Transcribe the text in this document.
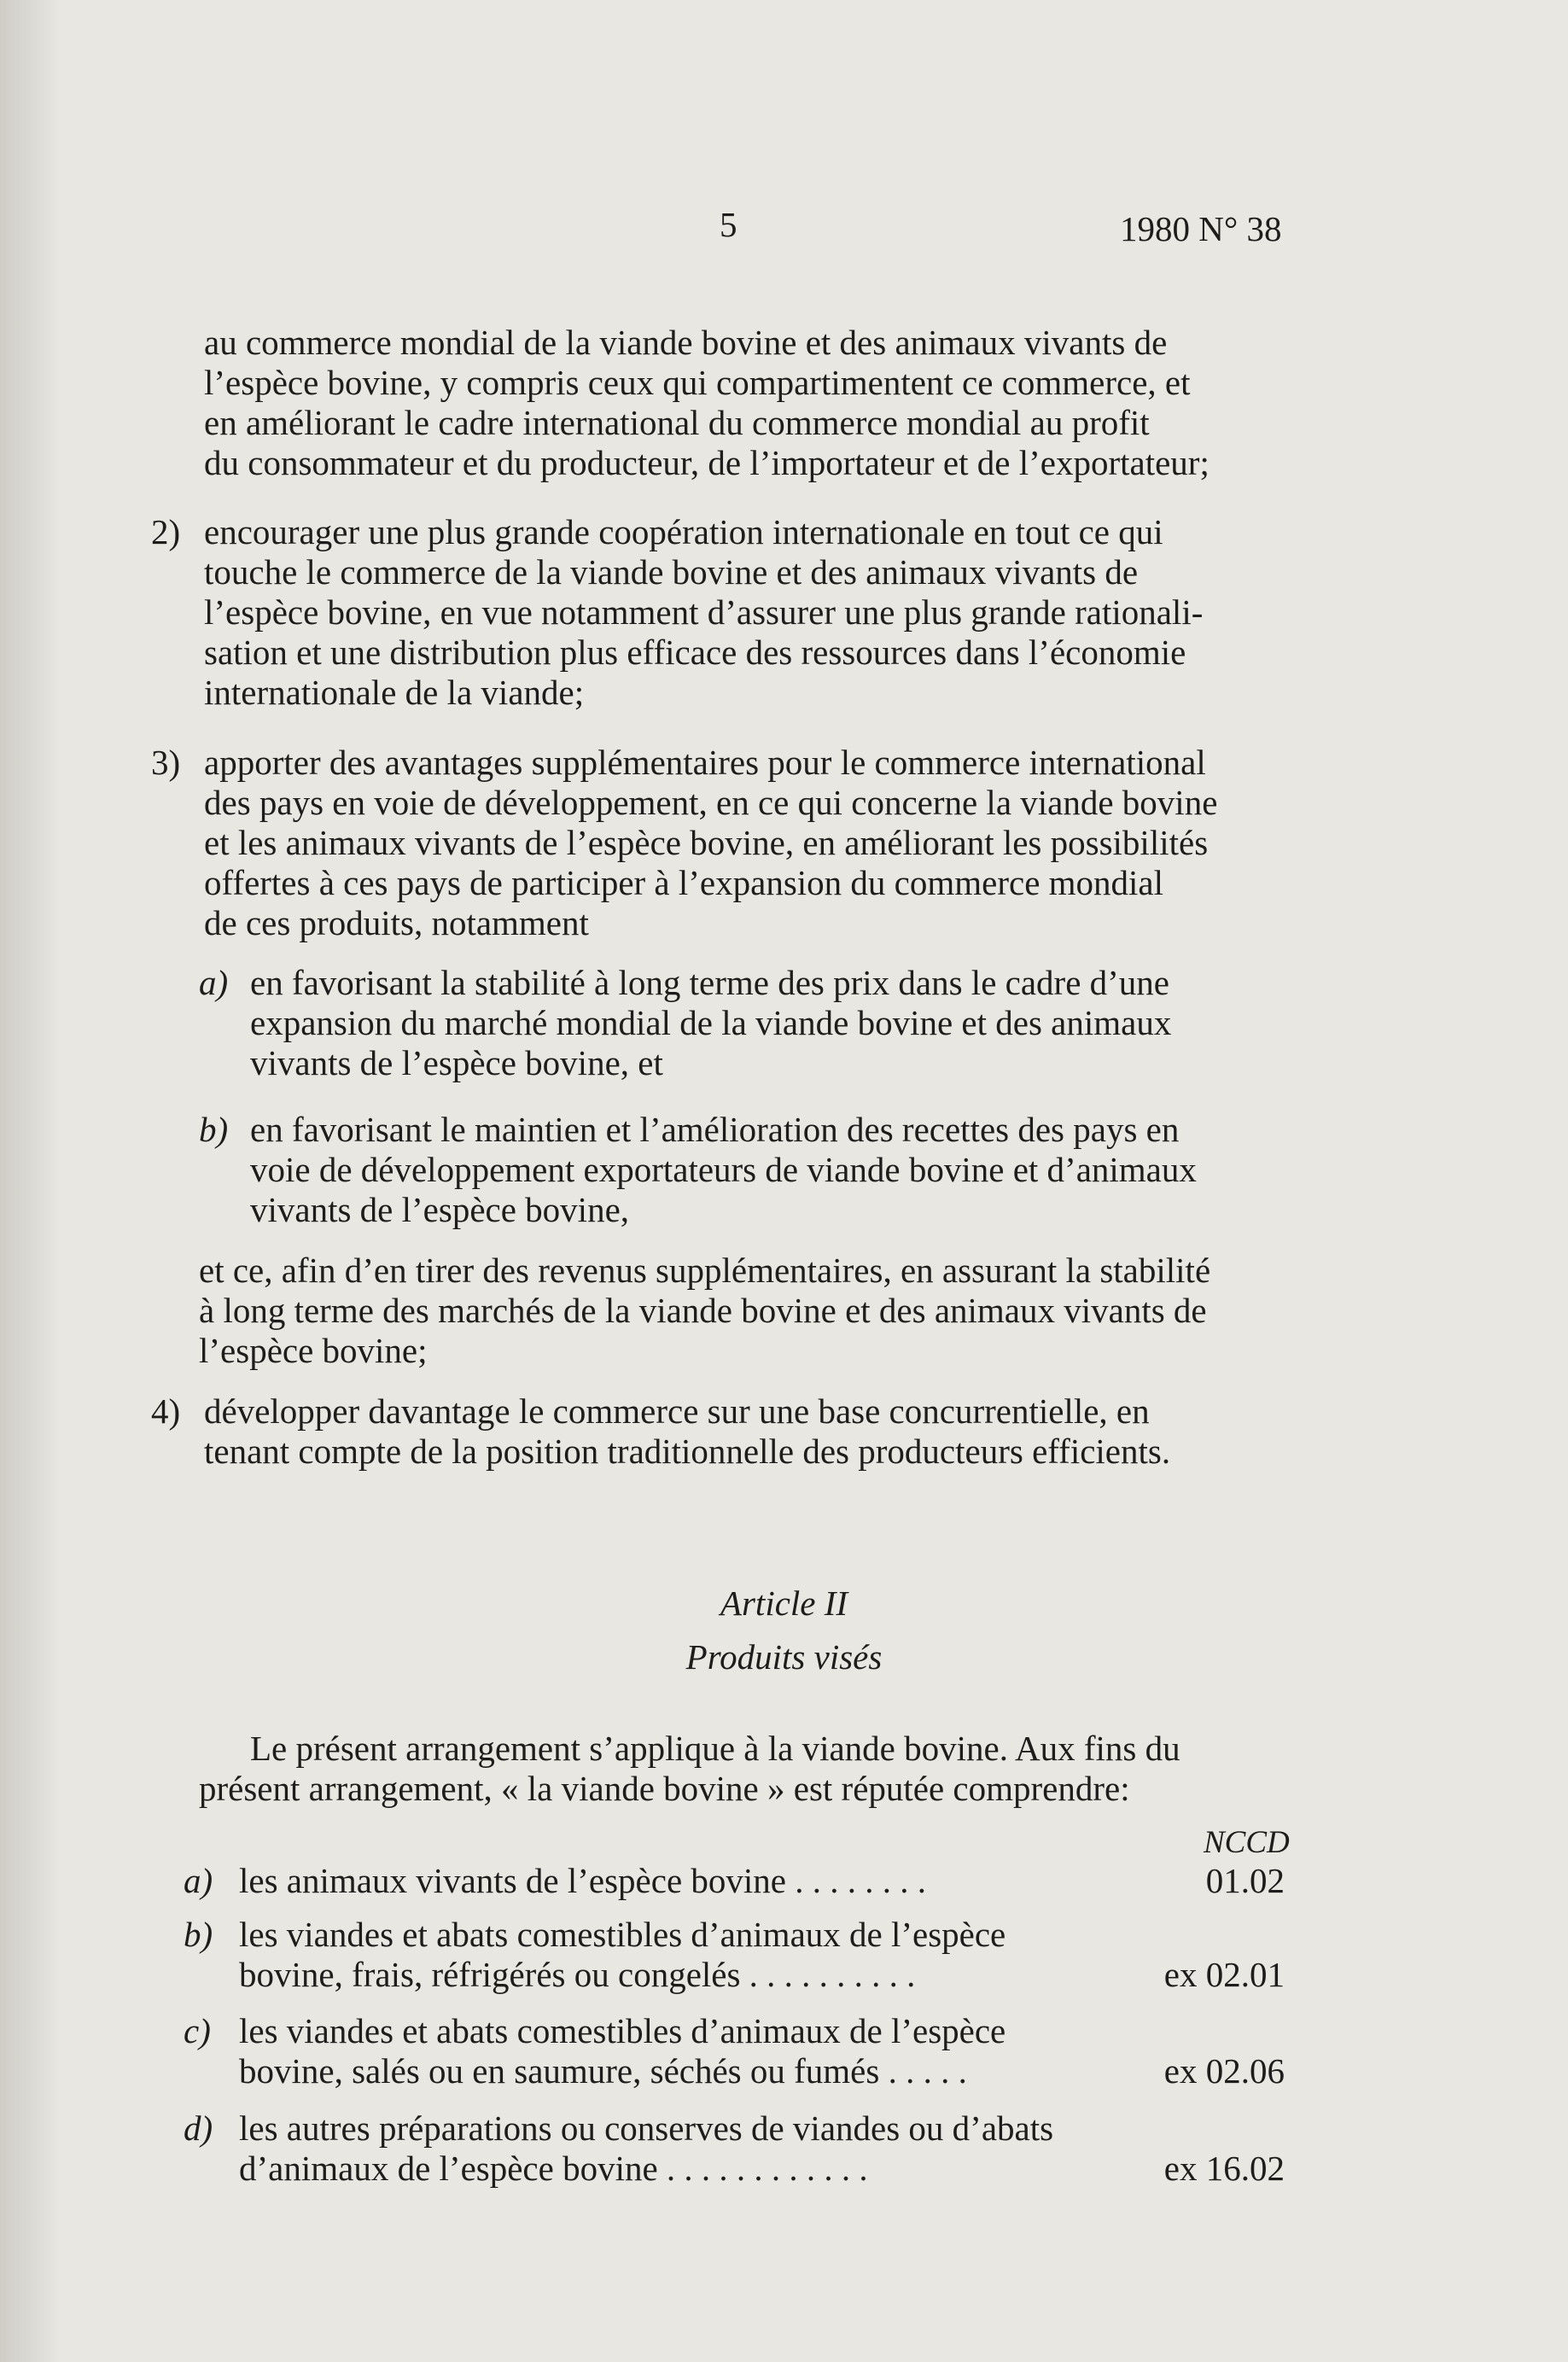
5	1980 N° 38
au commerce mondial de la viande bovine et des animaux vivants de
l’espèce bovine, y compris ceux qui compartimentent ce commerce, et
en améliorant le cadre international du commerce mondial au profit
du consommateur et du producteur, de l’importateur et de l’exportateur;
2) encourager une plus grande coopération internationale en tout ce qui
touche le commerce de la viande bovine et des animaux vivants de
l’espèce bovine, en vue notamment d’assurer une plus grande rationali-
sation et une distribution plus efficace des ressources dans l’économie
internationale de la viande;
3) apporter des avantages supplémentaires pour le commerce international
des pays en voie de développement, en ce qui concerne la viande bovine
et les animaux vivants de l’espèce bovine, en améliorant les possibilités
offertes à ces pays de participer à l’expansion du commerce mondial
de ces produits, notamment
a) en favorisant la stabilité à long terme des prix dans le cadre d’une
expansion du marché mondial de la viande bovine et des animaux
vivants de l’espèce bovine, et
b) en favorisant le maintien et l’amélioration des recettes des pays en
voie de développement exportateurs de viande bovine et d’animaux
vivants de l’espèce bovine,
et ce, afin d’en tirer des revenus supplémentaires, en assurant la stabilité
à long terme des marchés de la viande bovine et des animaux vivants de
l’espèce bovine;
4) développer davantage le commerce sur une base concurrentielle, en
tenant compte de la position traditionnelle des producteurs efficients.
Article II
Produits visés
Le présent arrangement s’applique à la viande bovine. Aux fins du
présent arrangement, « la viande bovine » est réputée comprendre:
NCCD
a) les animaux vivants de l’espèce bovine . . . . . . . .	01.02
b) les viandes et abats comestibles d’animaux de l’espèce
bovine, frais, réfrigérés ou congelés . . . . . . . . . .	ex 02.01
c) les viandes et abats comestibles d’animaux de l’espèce
bovine, salés ou en saumure, séchés ou fumés . . . . .	ex 02.06
d) les autres préparations ou conserves de viandes ou d’abats
d’animaux de l’espèce bovine . . . . . . . . . . . .	ex 16.02
